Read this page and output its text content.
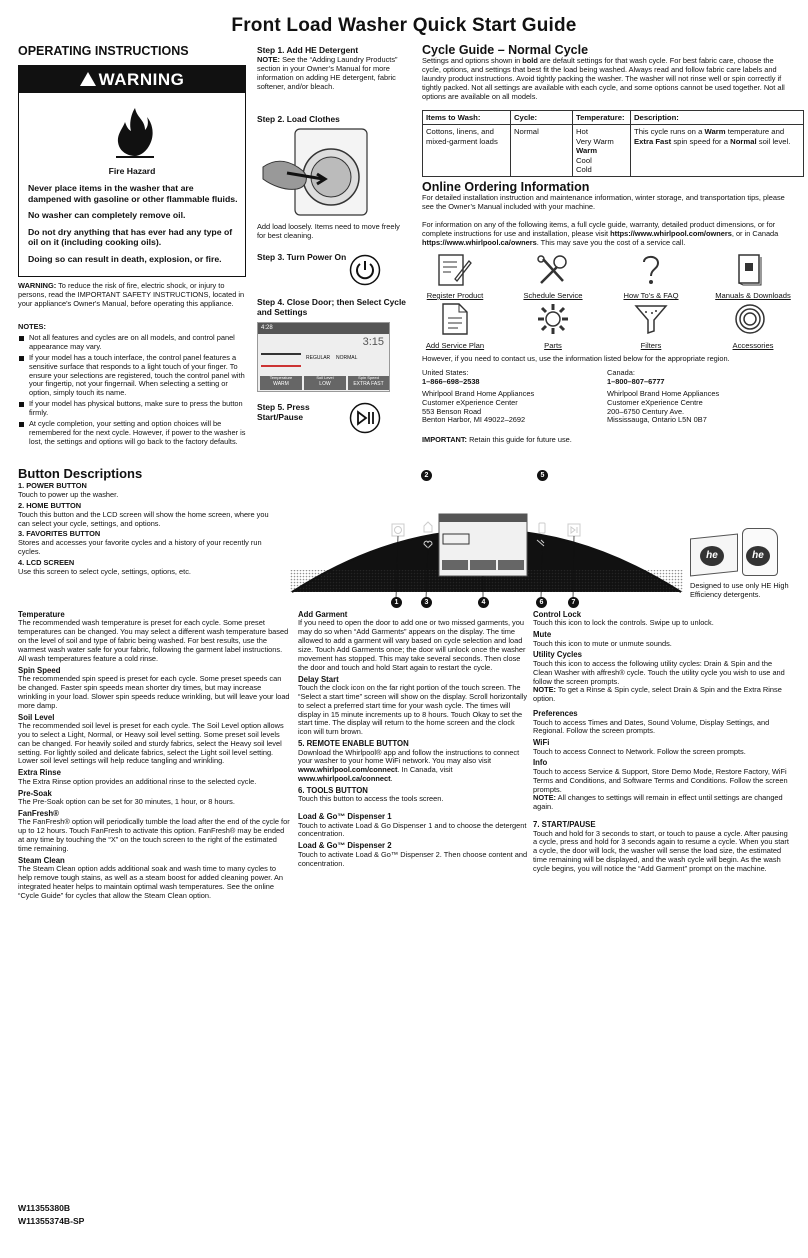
Front Load Washer Quick Start Guide
OPERATING INSTRUCTIONS
WARNING
Fire Hazard

Never place items in the washer that are dampened with gasoline or other flammable fluids.

No washer can completely remove oil.

Do not dry anything that has ever had any type of oil on it (including cooking oils).

Doing so can result in death, explosion, or fire.

WARNING: To reduce the risk of fire, electric shock, or injury to persons, read the IMPORTANT SAFETY INSTRUCTIONS, located in your appliance's Owner's Manual, before operating this appliance.
NOTES:
Not all features and cycles are on all models, and control panel appearance may vary.
If your model has a touch interface, the control panel features a sensitive surface that responds to a light touch of your finger. To ensure your selections are registered, touch the control panel with your fingertip, not your fingernail. When selecting a setting or option, simply touch its name.
If your model has physical buttons, make sure to press the button firmly.
At cycle completion, your setting and option choices will be remembered for the next cycle. However, if power to the washer is lost, the settings and options will go back to the factory defaults.
Step 1. Add HE Detergent
NOTE: See the “Adding Laundry Products” section in your Owner’s Manual for more information on adding HE detergent, fabric softener, and/or bleach.
Step 2. Load Clothes
Add load loosely. Items need to move freely for best cleaning.
Step 3. Turn Power On
Step 4. Close Door; then Select Cycle and Settings
4:28
3:15
REGULAR NORMAL
Temperature
WARM
Soil Level
LOW
Spin Speed
EXTRA FAST
Step 5. Press Start/Pause
Cycle Guide – Normal Cycle
Settings and options shown in bold are default settings for that wash cycle. For best fabric care, choose the cycle, options, and settings that best fit the load being washed. Always read and follow fabric care labels and laundry product instructions. Avoid tightly packing the washer. The washer will not rinse well or spin correctly if tightly packed. Not all settings are available with each cycle, and some options cannot be used together. Not all options are available on all models.
Items to Wash:	Cycle:	Temperature:	Description:
Cottons, linens, and mixed-garment loads	Normal	Hot
Very Warm
Warm
Cool
Cold	This cycle runs on a Warm temperature and Extra Fast spin speed for a Normal soil level.
Online Ordering Information
For detailed installation instruction and maintenance information, winter storage, and transportation tips, please see the Owner’s Manual included with your machine.
For information on any of the following items, a full cycle guide, warranty, detailed product dimensions, or for complete instructions for use and installation, please visit https://www.whirlpool.com/owners, or in Canada https://www.whirlpool.ca/owners. This may save you the cost of a service call.
Register Product	Schedule Service	How To’s & FAQ	Manuals & Downloads
Add Service Plan	Parts	Filters	Accessories
However, if you need to contact us, use the information listed below for the appropriate region.
United States:
1–866–698–2538
Whirlpool Brand Home Appliances
Customer eXperience Center
553 Benson Road
Benton Harbor, MI 49022–2692
Canada:
1–800–807–6777
Whirlpool Brand Home Appliances
Customer eXperience Centre
200–6750 Century Ave.
Mississauga, Ontario L5N 0B7
IMPORTANT: Retain this guide for future use.
Button Descriptions
1. POWER BUTTON
Touch to power up the washer.
2. HOME BUTTON
Touch this button and the LCD screen will show the home screen, where you can select your cycle, settings, and options.
3. FAVORITES BUTTON
Stores and accesses your favorite cycles and a history of your recently run cycles.
4. LCD SCREEN
Use this screen to select cycle, settings, options, etc.
1
2
3	4
5
6	7
he	he
Designed to use only HE High Efficiency detergents.
Temperature
The recommended wash temperature is preset for each cycle. Some preset temperatures can be changed. You may select a different wash temperature based on the level of soil and type of fabric being washed. For best results, use the warmest wash water safe for your fabric, following the garment label instructions. All wash temperatures feature a cold rinse.
Spin Speed
The recommended spin speed is preset for each cycle. Some preset speeds can be changed. Faster spin speeds mean shorter dry times, but may increase wrinkling in your load. Slower spin speeds reduce wrinkling, but will leave your load more damp.
Soil Level
The recommended soil level is preset for each cycle. The Soil Level option allows you to select a Light, Normal, or Heavy soil level setting. Some preset soil levels can be changed. For heavily soiled and sturdy fabrics, select the Heavy soil level setting. For lightly soiled and delicate fabrics, select the Light soil level setting. Lower soil level settings will help reduce tangling and wrinkling.
Extra Rinse
The Extra Rinse option provides an additional rinse to the selected cycle.
Pre-Soak
The Pre-Soak option can be set for 30 minutes, 1 hour, or 8 hours.
FanFresh®
The FanFresh® option will periodically tumble the load after the end of the cycle for up to 12 hours. Touch FanFresh to activate this option. FanFresh® may be ended at any time by touching the “X” on the touch screen to the right of the estimated time remaining.
Steam Clean
The Steam Clean option adds additional soak and wash time to many cycles to help remove tough stains, as well as a steam boost for added cleaning power. An integrated heater helps to maintain optimal wash temperatures. See the online “Cycle Guide” for cycles that allow the Steam Clean option.
Add Garment
If you need to open the door to add one or two missed garments, you may do so when “Add Garments” appears on the display. The time allowed to add a garment will vary based on cycle selection and load size. Touch Add Garments once; the door will unlock once the washer movement has stopped. This may take several seconds. Then close the door and touch and hold Start again to restart the cycle.
Delay Start
Touch the clock icon on the far right portion of the touch screen. The “Select a start time” screen will show on the display. Scroll horizontally to select a preferred start time for your wash cycle. The times will display in 15 minute increments up to 8 hours. Touch Okay to set the start time. The display will return to the home screen and the clock icon will turn brown.
5. REMOTE ENABLE BUTTON
Download the Whirlpool® app and follow the instructions to connect your washer to your home WiFi network. You may also visit www.whirlpool.com/connect. In Canada, visit www.whirlpool.ca/connect.
6. TOOLS BUTTON
Touch this button to access the tools screen.
Load & Go™ Dispenser 1
Touch to activate Load & Go Dispenser 1 and to choose the detergent concentration.
Load & Go™ Dispenser 2
Touch to activate Load & Go™ Dispenser 2. Then choose content and concentration.
Control Lock
Touch this icon to lock the controls. Swipe up to unlock.
Mute
Touch this icon to mute or unmute sounds.
Utility Cycles
Touch this icon to access the following utility cycles: Drain & Spin and the Clean Washer with affresh® cycle. Touch the utility cycle you wish to use and follow the screen prompts.
NOTE: To get a Rinse & Spin cycle, select Drain & Spin and the Extra Rinse option.
Preferences
Touch to access Times and Dates, Sound Volume, Display Settings, and Regional. Follow the screen prompts.
WiFi
Touch to access Connect to Network. Follow the screen prompts.
Info
Touch to access Service & Support, Store Demo Mode, Restore Factory, WiFi Terms and Conditions, and Software Terms and Conditions. Follow the screen prompts.
NOTE: All changes to settings will remain in effect until settings are changed again.
7. START/PAUSE
Touch and hold for 3 seconds to start, or touch to pause a cycle. After pausing a cycle, press and hold for 3 seconds again to resume a cycle. When you start a cycle, the door will lock, the washer will sense the load size, the estimated time remaining will be displayed, and the wash cycle will begin. As the wash cycle begins, you will notice the “Add Garment” prompt on the machine.
W11355380B
W11355374B-SP
